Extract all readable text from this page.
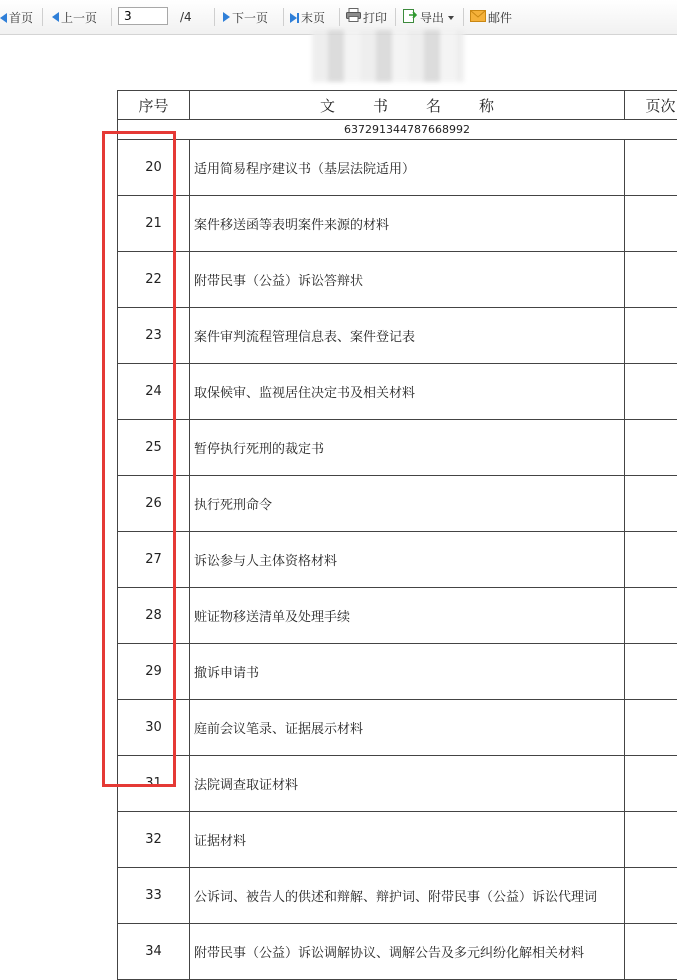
首页	上一页
3	/4	下一页	末页	打印	导出	邮件
序号	文书名称	页次
637291344787668992		
20	适用简易程序建议书（基层法院适用）	
21	案件移送函等表明案件来源的材料	
22	附带民事（公益）诉讼答辩状	
23	案件审判流程管理信息表、案件登记表	
24	取保候审、监视居住决定书及相关材料	
25	暂停执行死刑的裁定书	
26	执行死刑命令	
27	诉讼参与人主体资格材料	
28	赃证物移送清单及处理手续	
29	撤诉申请书	
30	庭前会议笔录、证据展示材料	
31	法院调查取证材料	
32	证据材料	
33	公诉词、被告人的供述和辩解、辩护词、附带民事（公益）诉讼代理词	
34	附带民事（公益）诉讼调解协议、调解公告及多元纠纷化解相关材料	
